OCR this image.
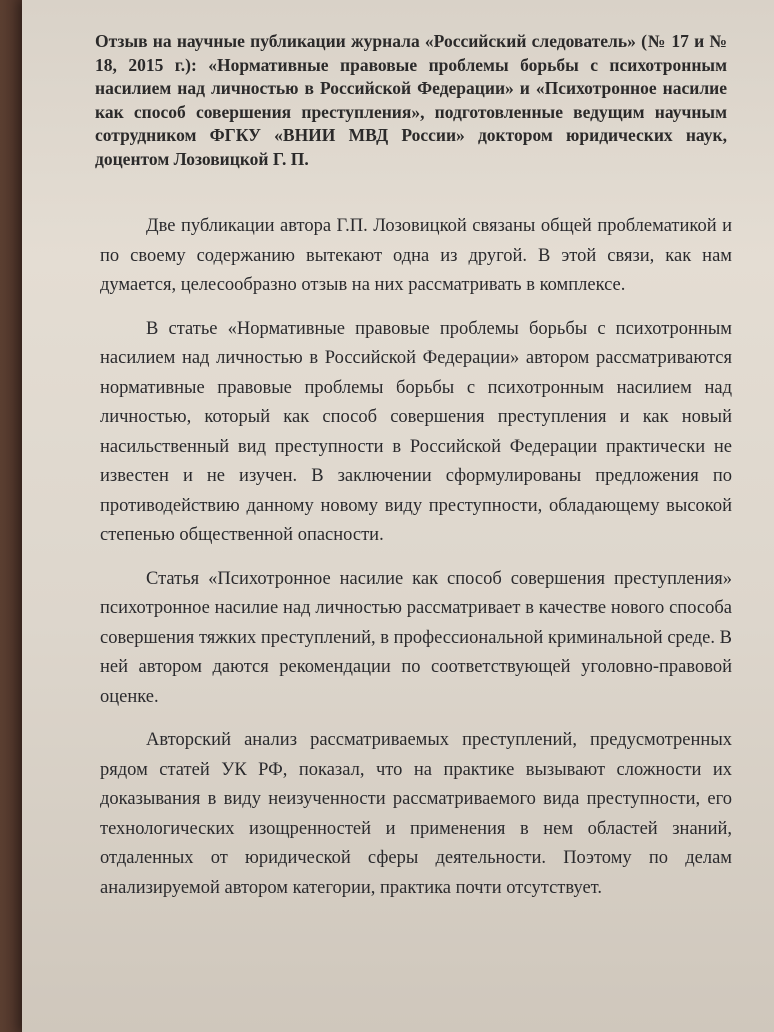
Отзыв на научные публикации журнала «Российский следователь» (№ 17 и № 18, 2015 г.): «Нормативные правовые проблемы борьбы с психотронным насилием над личностью в Российской Федерации» и «Психотронное насилие как способ совершения преступления», подготовленные ведущим научным сотрудником ФГКУ «ВНИИ МВД России» доктором юридических наук, доцентом Лозовицкой Г. П.

Две публикации автора Г.П. Лозовицкой связаны общей проблематикой и по своему содержанию вытекают одна из другой. В этой связи, как нам думается, целесообразно отзыв на них рассматривать в комплексе.

В статье «Нормативные правовые проблемы борьбы с психотронным насилием над личностью в Российской Федерации» автором рассматриваются нормативные правовые проблемы борьбы с психотронным насилием над личностью, который как способ совершения преступления и как новый насильственный вид преступности в Российской Федерации практически не известен и не изучен. В заключении сформулированы предложения по противодействию данному новому виду преступности, обладающему высокой степенью общественной опасности.

Статья «Психотронное насилие как способ совершения преступления» психотронное насилие над личностью рассматривает в качестве нового способа совершения тяжких преступлений, в профессиональной криминальной среде. В ней автором даются рекомендации по соответствующей уголовно-правовой оценке.

Авторский анализ рассматриваемых преступлений, предусмотренных рядом статей УК РФ, показал, что на практике вызывают сложности их доказывания в виду неизученности рассматриваемого вида преступности, его технологических изощренностей и применения в нем областей знаний, отдаленных от юридической сферы деятельности. Поэтому по делам анализируемой автором категории, практика почти отсутствует.
